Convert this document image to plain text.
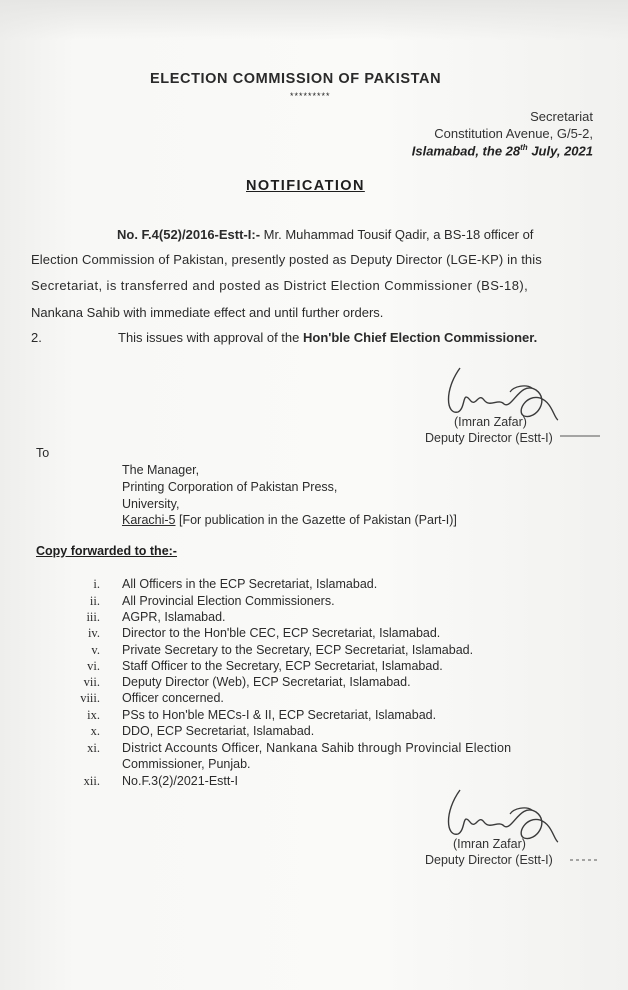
ELECTION COMMISSION OF PAKISTAN
*********
Secretariat
Constitution Avenue, G/5-2,
Islamabad, the 28th July, 2021
NOTIFICATION
No. F.4(52)/2016-Estt-I:- Mr. Muhammad Tousif Qadir, a BS-18 officer of
Election Commission of Pakistan, presently posted as Deputy Director (LGE-KP) in this
Secretariat, is transferred and posted as District Election Commissioner (BS-18),
Nankana Sahib with immediate effect and until further orders.
2.	This issues with approval of the Hon'ble Chief Election Commissioner.
(Imran Zafar)
Deputy Director (Estt-I)
To
The Manager,
Printing Corporation of Pakistan Press,
University,
Karachi-5 [For publication in the Gazette of Pakistan (Part-I)]
Copy forwarded to the:-
i. All Officers in the ECP Secretariat, Islamabad.
ii. All Provincial Election Commissioners.
iii. AGPR, Islamabad.
iv. Director to the Hon'ble CEC, ECP Secretariat, Islamabad.
v. Private Secretary to the Secretary, ECP Secretariat, Islamabad.
vi. Staff Officer to the Secretary, ECP Secretariat, Islamabad.
vii. Deputy Director (Web), ECP Secretariat, Islamabad.
viii. Officer concerned.
ix. PSs to Hon'ble MECs-I & II, ECP Secretariat, Islamabad.
x. DDO, ECP Secretariat, Islamabad.
xi. District Accounts Officer, Nankana Sahib through Provincial Election
Commissioner, Punjab.
xii. No.F.3(2)/2021-Estt-I
(Imran Zafar)
Deputy Director (Estt-I)
